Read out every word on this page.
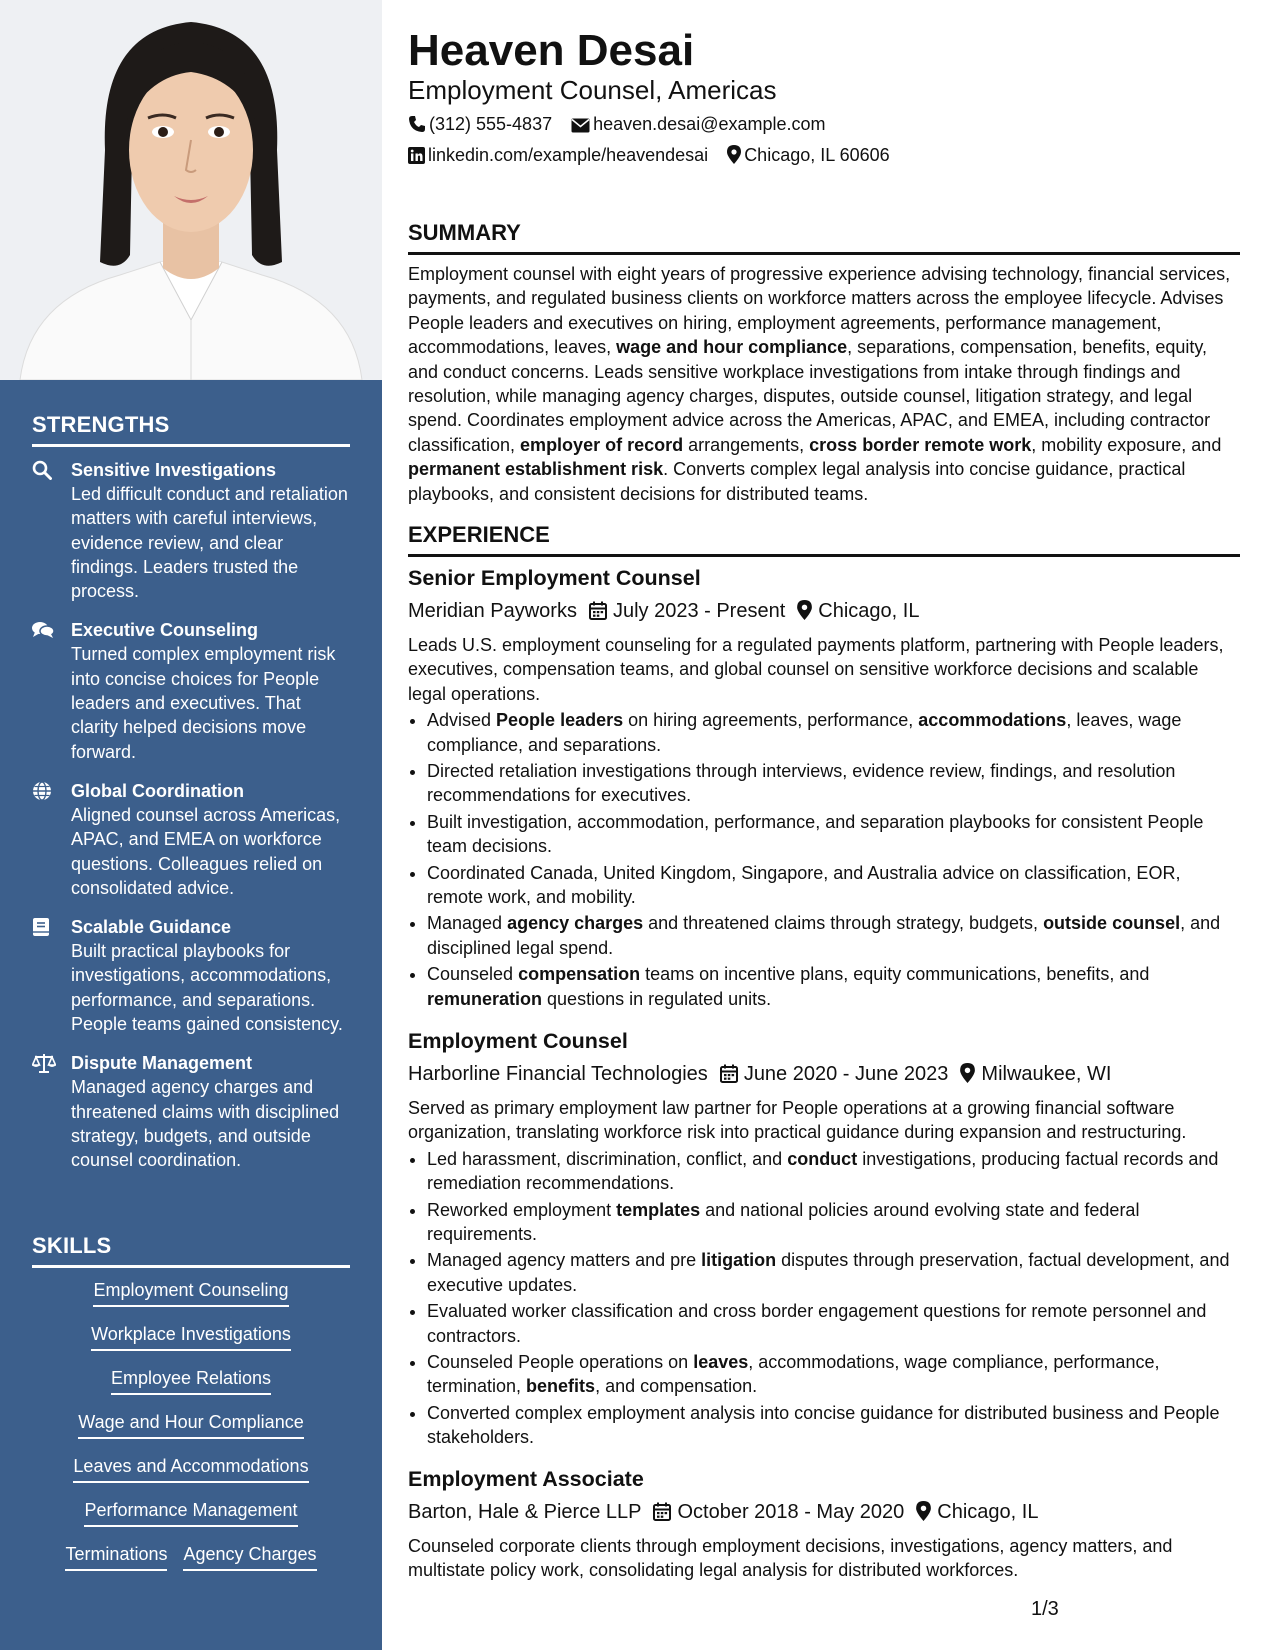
STRENGTHS
Sensitive Investigations
Led difficult conduct and retaliation matters with careful interviews, evidence review, and clear findings. Leaders trusted the process.
Executive Counseling
Turned complex employment risk into concise choices for People leaders and executives. That clarity helped decisions move forward.
Global Coordination
Aligned counsel across Americas, APAC, and EMEA on workforce questions. Colleagues relied on consolidated advice.
Scalable Guidance
Built practical playbooks for investigations, accommodations, performance, and separations. People teams gained consistency.
Dispute Management
Managed agency charges and threatened claims with disciplined strategy, budgets, and outside counsel coordination.
SKILLS
Employment Counseling
Workplace Investigations
Employee Relations
Wage and Hour Compliance
Leaves and Accommodations
Performance Management
Terminations Agency Charges
Heaven Desai
Employment Counsel, Americas
(312) 555-4837 heaven.desai@example.com
linkedin.com/example/heavendesai Chicago, IL 60606
SUMMARY
Employment counsel with eight years of progressive experience advising technology, financial services, payments, and regulated business clients on workforce matters across the employee lifecycle. Advises People leaders and executives on hiring, employment agreements, performance management, accommodations, leaves, wage and hour compliance, separations, compensation, benefits, equity, and conduct concerns. Leads sensitive workplace investigations from intake through findings and resolution, while managing agency charges, disputes, outside counsel, litigation strategy, and legal spend. Coordinates employment advice across the Americas, APAC, and EMEA, including contractor classification, employer of record arrangements, cross border remote work, mobility exposure, and permanent establishment risk. Converts complex legal analysis into concise guidance, practical playbooks, and consistent decisions for distributed teams.
EXPERIENCE
Senior Employment Counsel
Meridian Payworks July 2023 - Present Chicago, IL
Leads U.S. employment counseling for a regulated payments platform, partnering with People leaders, executives, compensation teams, and global counsel on sensitive workforce decisions and scalable legal operations.
• Advised People leaders on hiring agreements, performance, accommodations, leaves, wage compliance, and separations.
• Directed retaliation investigations through interviews, evidence review, findings, and resolution recommendations for executives.
• Built investigation, accommodation, performance, and separation playbooks for consistent People team decisions.
• Coordinated Canada, United Kingdom, Singapore, and Australia advice on classification, EOR, remote work, and mobility.
• Managed agency charges and threatened claims through strategy, budgets, outside counsel, and disciplined legal spend.
• Counseled compensation teams on incentive plans, equity communications, benefits, and remuneration questions in regulated units.
Employment Counsel
Harborline Financial Technologies June 2020 - June 2023 Milwaukee, WI
Served as primary employment law partner for People operations at a growing financial software organization, translating workforce risk into practical guidance during expansion and restructuring.
• Led harassment, discrimination, conflict, and conduct investigations, producing factual records and remediation recommendations.
• Reworked employment templates and national policies around evolving state and federal requirements.
• Managed agency matters and pre litigation disputes through preservation, factual development, and executive updates.
• Evaluated worker classification and cross border engagement questions for remote personnel and contractors.
• Counseled People operations on leaves, accommodations, wage compliance, performance, termination, benefits, and compensation.
• Converted complex employment analysis into concise guidance for distributed business and People stakeholders.
Employment Associate
Barton, Hale & Pierce LLP October 2018 - May 2020 Chicago, IL
Counseled corporate clients through employment decisions, investigations, agency matters, and multistate policy work, consolidating legal analysis for distributed workforces.
1/3
